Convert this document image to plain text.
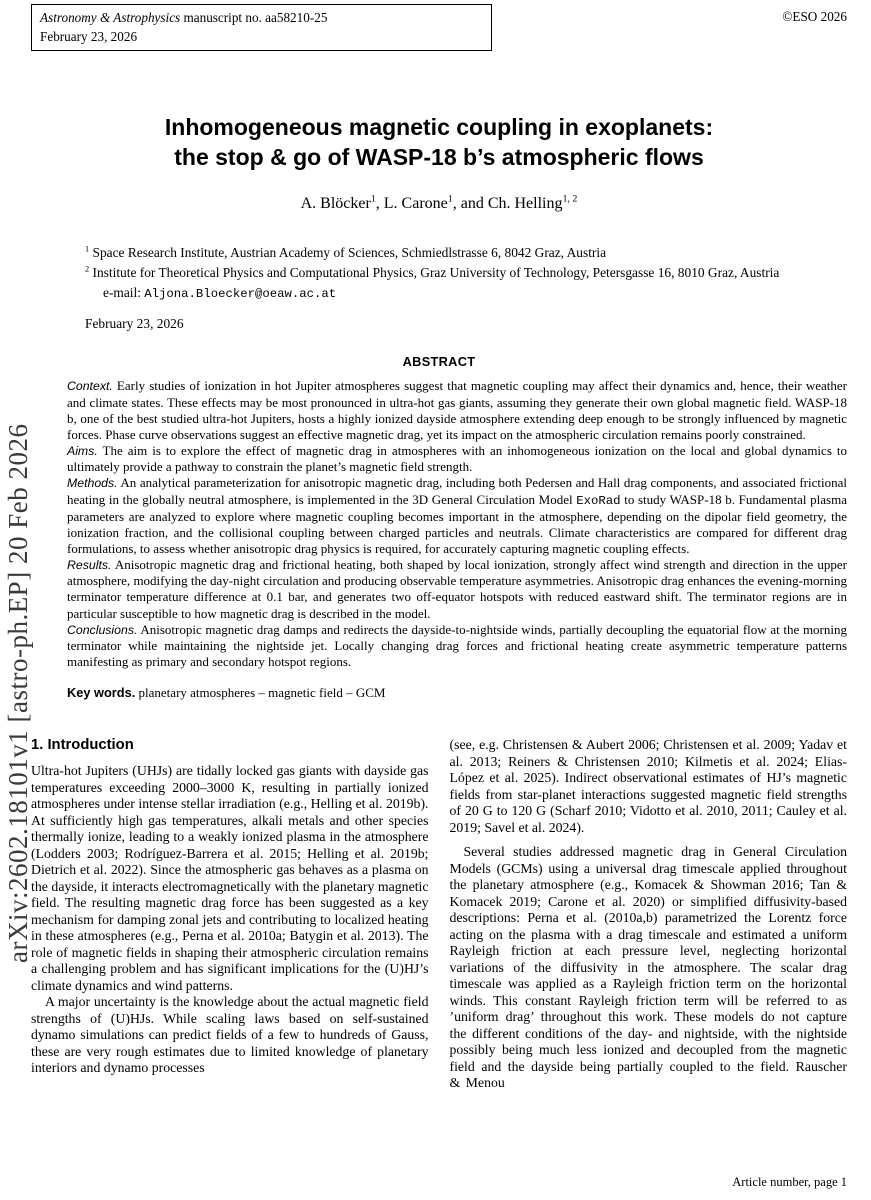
Astronomy & Astrophysics manuscript no. aa58210-25
February 23, 2026
©ESO 2026
Inhomogeneous magnetic coupling in exoplanets:
the stop & go of WASP-18 b’s atmospheric flows
A. Blöcker$^1$, L. Carone$^1$, and Ch. Helling$^{1, 2}$
$^1$ Space Research Institute, Austrian Academy of Sciences, Schmiedlstrasse 6, 8042 Graz, Austria
$^2$ Institute for Theoretical Physics and Computational Physics, Graz University of Technology, Petersgasse 16, 8010 Graz, Austria
e-mail: Aljona.Bloecker@oeaw.ac.at
February 23, 2026
ABSTRACT
Context. Early studies of ionization in hot Jupiter atmospheres suggest that magnetic coupling may affect their dynamics and, hence, their weather and climate states. These effects may be most pronounced in ultra-hot gas giants, assuming they generate their own global magnetic field. WASP-18 b, one of the best studied ultra-hot Jupiters, hosts a highly ionized dayside atmosphere extending deep enough to be strongly influenced by magnetic forces. Phase curve observations suggest an effective magnetic drag, yet its impact on the atmospheric circulation remains poorly constrained.
Aims. The aim is to explore the effect of magnetic drag in atmospheres with an inhomogeneous ionization on the local and global dynamics to ultimately provide a pathway to constrain the planet’s magnetic field strength.
Methods. An analytical parameterization for anisotropic magnetic drag, including both Pedersen and Hall drag components, and associated frictional heating in the globally neutral atmosphere, is implemented in the 3D General Circulation Model ExoRad to study WASP-18 b. Fundamental plasma parameters are analyzed to explore where magnetic coupling becomes important in the atmosphere, depending on the dipolar field geometry, the ionization fraction, and the collisional coupling between charged particles and neutrals. Climate characteristics are compared for different drag formulations, to assess whether anisotropic drag physics is required, for accurately capturing magnetic coupling effects.
Results. Anisotropic magnetic drag and frictional heating, both shaped by local ionization, strongly affect wind strength and direction in the upper atmosphere, modifying the day-night circulation and producing observable temperature asymmetries. Anisotropic drag enhances the evening-morning terminator temperature difference at 0.1 bar, and generates two off-equator hotspots with reduced eastward shift. The terminator regions are in particular susceptible to how magnetic drag is described in the model.
Conclusions. Anisotropic magnetic drag damps and redirects the dayside-to-nightside winds, partially decoupling the equatorial flow at the morning terminator while maintaining the nightside jet. Locally changing drag forces and frictional heating create asymmetric temperature patterns manifesting as primary and secondary hotspot regions.
Key words. planetary atmospheres – magnetic field – GCM
1. Introduction

Ultra-hot Jupiters (UHJs) are tidally locked gas giants with dayside gas temperatures exceeding 2000–3000 K, resulting in partially ionized atmospheres under intense stellar irradiation (e.g., Helling et al. 2019b). At sufficiently high gas temperatures, alkali metals and other species thermally ionize, leading to a weakly ionized plasma in the atmosphere (Lodders 2003; Rodríguez-Barrera et al. 2015; Helling et al. 2019b; Dietrich et al. 2022). Since the atmospheric gas behaves as a plasma on the dayside, it interacts electromagnetically with the planetary magnetic field. The resulting magnetic drag force has been suggested as a key mechanism for damping zonal jets and contributing to localized heating in these atmospheres (e.g., Perna et al. 2010a; Batygin et al. 2013). The role of magnetic fields in shaping their atmospheric circulation remains a challenging problem and has significant implications for the (U)HJ’s climate dynamics and wind patterns.

A major uncertainty is the knowledge about the actual magnetic field strengths of (U)HJs. While scaling laws based on self-sustained dynamo simulations can predict fields of a few to hundreds of Gauss, these are very rough estimates due to limited knowledge of planetary interiors and dynamo processes

(see, e.g. Christensen & Aubert 2006; Christensen et al. 2009; Yadav et al. 2013; Reiners & Christensen 2010; Kilmetis et al. 2024; Elias-López et al. 2025). Indirect observational estimates of HJ’s magnetic fields from star-planet interactions suggested magnetic field strengths of 20 G to 120 G (Scharf 2010; Vidotto et al. 2010, 2011; Cauley et al. 2019; Savel et al. 2024).

Several studies addressed magnetic drag in General Circulation Models (GCMs) using a universal drag timescale applied throughout the planetary atmosphere (e.g., Komacek & Showman 2016; Tan & Komacek 2019; Carone et al. 2020) or simplified diffusivity-based descriptions: Perna et al. (2010a,b) parametrized the Lorentz force acting on the plasma with a drag timescale and estimated a uniform Rayleigh friction at each pressure level, neglecting horizontal variations of the diffusivity in the atmosphere. The scalar drag timescale was applied as a Rayleigh friction term on the horizontal winds. This constant Rayleigh friction term will be referred to as ’uniform drag’ throughout this work. These models do not capture the different conditions of the day- and nightside, with the nightside possibly being much less ionized and decoupled from the magnetic field and the dayside being partially coupled to the field. Rauscher & Menou

Article number, page 1
arXiv:2602.18101v1 [astro-ph.EP] 20 Feb 2026
